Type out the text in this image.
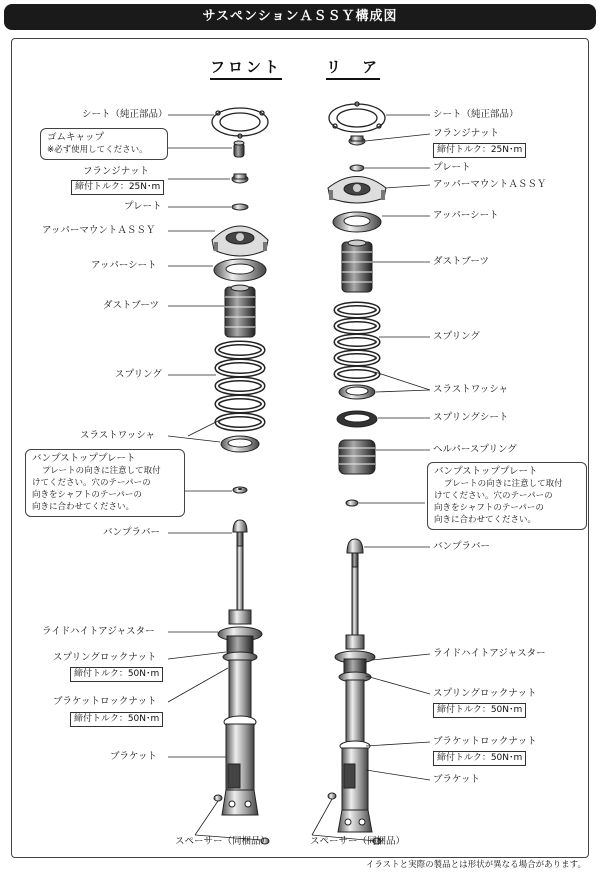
サスペンションＡＳＳＹ構成図
フロント	リ　ア
シート（純正部品）
ゴムキャップ
※必ず使用してください。
フランジナット
締付トルク：25N･m
プレート
アッパーマウントＡＳＳＹ
アッパーシート
ダストブーツ
スプリング
スラストワッシャ
バンプストッププレート
プレートの向きに注意して取付
けてください。穴のテーパーの
向きをシャフトのテーパーの
向きに合わせてください。
バンプラバー
ライドハイトアジャスター
スプリングロックナット
締付トルク：50N･m
ブラケットロックナット
締付トルク：50N･m
ブラケット
スペーサー（同梱品）
シート（純正部品）
フランジナット
締付トルク：25N･m
プレート
アッパーマウントＡＳＳＹ
アッパーシート
ダストブーツ
スプリング
スラストワッシャ
スプリングシート
ヘルパースプリング
バンプストッププレート
プレートの向きに注意して取付
けてください。穴のテーパーの
向きをシャフトのテーパーの
向きに合わせてください。
バンプラバー
ライドハイトアジャスター
スプリングロックナット
締付トルク：50N･m
ブラケットロックナット
締付トルク：50N･m
ブラケット
スペーサー（同梱品）
イラストと実際の製品とは形状が異なる場合があります。
